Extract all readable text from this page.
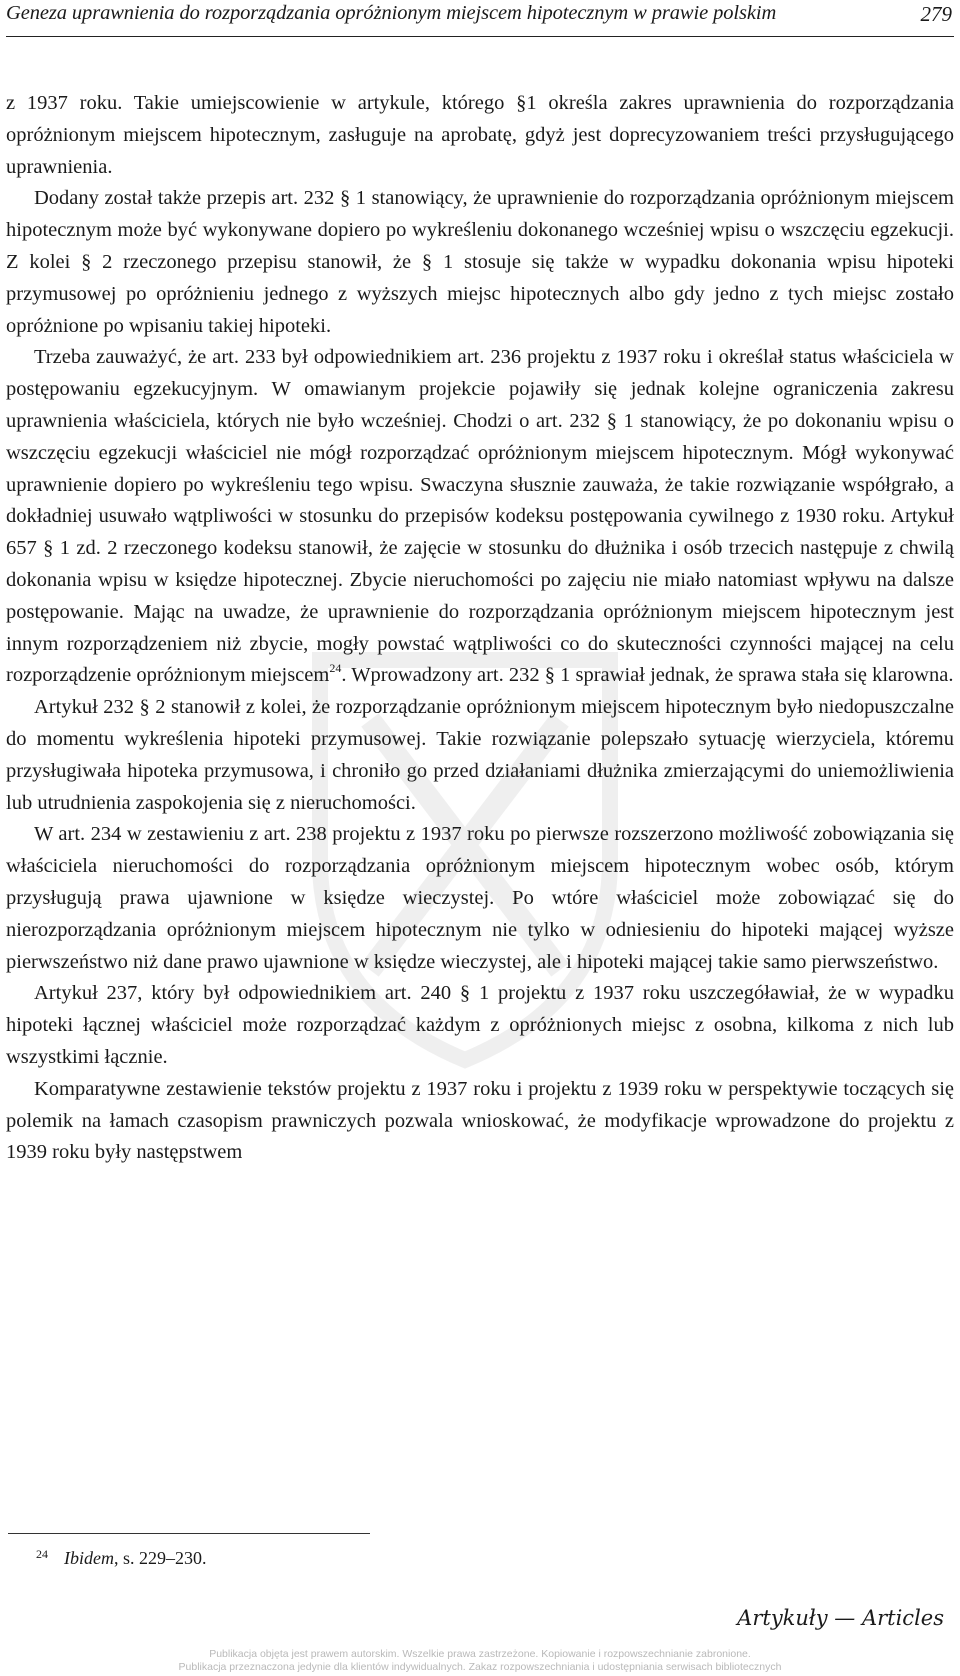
Geneza uprawnienia do rozporządzania opróżnionym miejscem hipotecznym w prawie polskim	279

z 1937 roku. Takie umiejscowienie w artykule, którego §1 określa zakres uprawnienia do rozporządzania opróżnionym miejscem hipotecznym, zasługuje na aprobatę, gdyż jest doprecyzowaniem treści przysługującego uprawnienia.

Dodany został także przepis art. 232 § 1 stanowiący, że uprawnienie do rozporządzania opróżnionym miejscem hipotecznym może być wykonywane dopiero po wykreśleniu dokonanego wcześniej wpisu o wszczęciu egzekucji. Z kolei § 2 rzeczonego przepisu stanowił, że § 1 stosuje się także w wypadku dokonania wpisu hipoteki przymusowej po opróżnieniu jednego z wyższych miejsc hipotecznych albo gdy jedno z tych miejsc zostało opróżnione po wpisaniu takiej hipoteki.

Trzeba zauważyć, że art. 233 był odpowiednikiem art. 236 projektu z 1937 roku i określał status właściciela w postępowaniu egzekucyjnym. W omawianym projekcie pojawiły się jednak kolejne ograniczenia zakresu uprawnienia właściciela, których nie było wcześniej. Chodzi o art. 232 § 1 stanowiący, że po dokonaniu wpisu o wszczęciu egzekucji właściciel nie mógł rozporządzać opróżnionym miejscem hipotecznym. Mógł wykonywać uprawnienie dopiero po wykreśleniu tego wpisu. Swaczyna słusznie zauważa, że takie rozwiązanie współgrało, a dokładniej usuwało wątpliwości w stosunku do przepisów kodeksu postępowania cywilnego z 1930 roku. Artykuł 657 § 1 zd. 2 rzeczonego kodeksu stanowił, że zajęcie w stosunku do dłużnika i osób trzecich następuje z chwilą dokonania wpisu w księdze hipotecznej. Zbycie nieruchomości po zajęciu nie miało natomiast wpływu na dalsze postępowanie. Mając na uwadze, że uprawnienie do rozporządzania opróżnionym miejscem hipotecznym jest innym rozporządzeniem niż zbycie, mogły powstać wątpliwości co do skuteczności czynności mającej na celu rozporządzenie opróżnionym miejscem$^{24}$. Wprowadzony art. 232 § 1 sprawiał jednak, że sprawa stała się klarowna.

Artykuł 232 § 2 stanowił z kolei, że rozporządzanie opróżnionym miejscem hipotecznym było niedopuszczalne do momentu wykreślenia hipoteki przymusowej. Takie rozwiązanie polepszało sytuację wierzyciela, któremu przysługiwała hipoteka przymusowa, i chroniło go przed działaniami dłużnika zmierzającymi do uniemożliwienia lub utrudnienia zaspokojenia się z nieruchomości.

W art. 234 w zestawieniu z art. 238 projektu z 1937 roku po pierwsze rozszerzono możliwość zobowiązania się właściciela nieruchomości do rozporządzania opróżnionym miejscem hipotecznym wobec osób, którym przysługują prawa ujawnione w księdze wieczystej. Po wtóre właściciel może zobowiązać się do nierozporządzania opróżnionym miejscem hipotecznym nie tylko w odniesieniu do hipoteki mającej wyższe pierwszeństwo niż dane prawo ujawnione w księdze wieczystej, ale i hipoteki mającej takie samo pierwszeństwo.

Artykuł 237, który był odpowiednikiem art. 240 § 1 projektu z 1937 roku uszczegóławiał, że w wypadku hipoteki łącznej właściciel może rozporządzać każdym z opróżnionych miejsc z osobna, kilkoma z nich lub wszystkimi łącznie.

Komparatywne zestawienie tekstów projektu z 1937 roku i projektu z 1939 roku w perspektywie toczących się polemik na łamach czasopism prawniczych pozwala wnioskować, że modyfikacje wprowadzone do projektu z 1939 roku były następstwem

$^{24}$ Ibidem, s. 229–230.
Artykuły — Articles
Publikacja objęta jest prawem autorskim. Wszelkie prawa zastrzeżone. Kopiowanie i rozpowszechnianie zabronione.
Publikacja przeznaczona jedynie dla klientów indywidualnych. Zakaz rozpowszechniania i udostępniania serwisach bibliotecznych
